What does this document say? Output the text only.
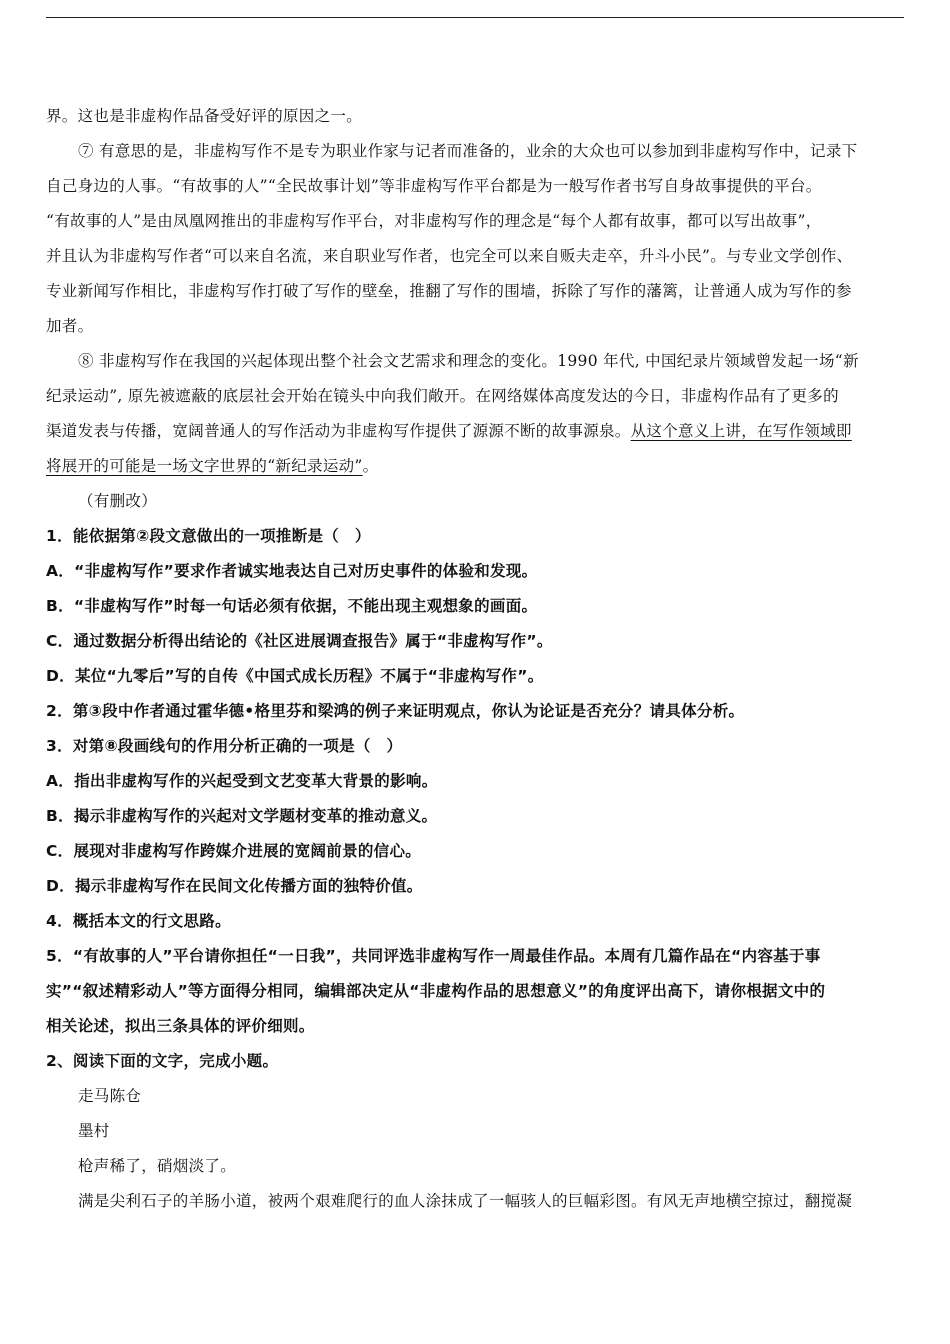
界。这也是非虚构作品备受好评的原因之一。
⑦ 有意思的是，非虚构写作不是专为职业作家与记者而准备的，业余的大众也可以参加到非虚构写作中，记录下
自己身边的人事。“有故事的人”“全民故事计划”等非虚构写作平台都是为一般写作者书写自身故事提供的平台。
“有故事的人”是由凤凰网推出的非虚构写作平台，对非虚构写作的理念是“每个人都有故事，都可以写出故事”，
并且认为非虚构写作者“可以来自名流，来自职业写作者，也完全可以来自贩夫走卒，升斗小民”。与专业文学创作、
专业新闻写作相比，非虚构写作打破了写作的壁垒，推翻了写作的围墙，拆除了写作的藩篱，让普通人成为写作的参
加者。
⑧ 非虚构写作在我国的兴起体现出整个社会文艺需求和理念的变化。1990 年代, 中国纪录片领域曾发起一场“新
纪录运动”, 原先被遮蔽的底层社会开始在镜头中向我们敞开。在网络媒体高度发达的今日，非虚构作品有了更多的
渠道发表与传播，宽阔普通人的写作活动为非虚构写作提供了源源不断的故事源泉。从这个意义上讲，在写作领域即
将展开的可能是一场文字世界的“新纪录运动”。
（有删改）
1．能依据第②段文意做出的一项推断是（　）
A．“非虚构写作”要求作者诚实地表达自己对历史事件的体验和发现。
B．“非虚构写作”时每一句话必须有依据，不能出现主观想象的画面。
C．通过数据分析得出结论的《社区进展调查报告》属于“非虚构写作”。
D．某位“九零后”写的自传《中国式成长历程》不属于“非虚构写作”。
2．第③段中作者通过霍华德•格里芬和梁鸿的例子来证明观点，你认为论证是否充分？请具体分析。
3．对第⑧段画线句的作用分析正确的一项是（　）
A．指出非虚构写作的兴起受到文艺变革大背景的影响。
B．揭示非虚构写作的兴起对文学题材变革的推动意义。
C．展现对非虚构写作跨媒介进展的宽阔前景的信心。
D．揭示非虚构写作在民间文化传播方面的独特价值。
4．概括本文的行文思路。
5．“有故事的人”平台请你担任“一日我”，共同评选非虚构写作一周最佳作品。本周有几篇作品在“内容基于事
实”“叙述精彩动人”等方面得分相同，编辑部决定从“非虚构作品的思想意义”的角度评出高下，请你根据文中的
相关论述，拟出三条具体的评价细则。
2、阅读下面的文字，完成小题。
走马陈仓
墨村
枪声稀了，硝烟淡了。
满是尖利石子的羊肠小道，被两个艰难爬行的血人涂抹成了一幅骇人的巨幅彩图。有风无声地横空掠过，翻搅凝
